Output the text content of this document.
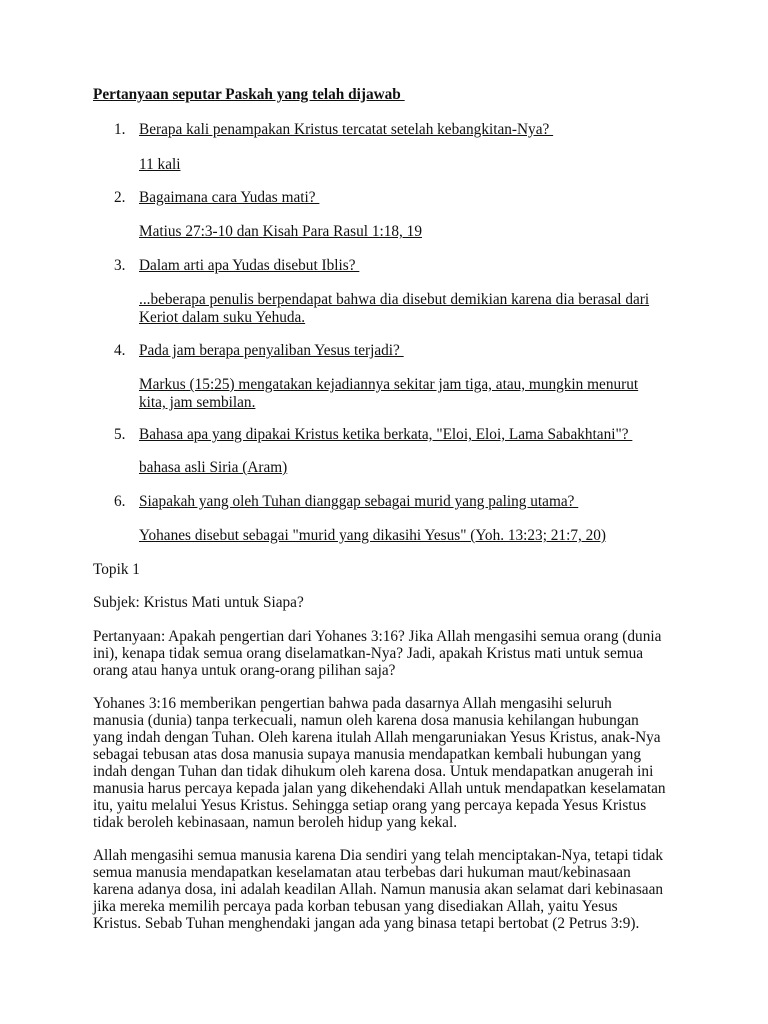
Pertanyaan seputar Paskah yang telah dijawab
1. Berapa kali penampakan Kristus tercatat setelah kebangkitan-Nya?
11 kali
2. Bagaimana cara Yudas mati?
Matius 27:3-10 dan Kisah Para Rasul 1:18, 19
3. Dalam arti apa Yudas disebut Iblis?
...beberapa penulis berpendapat bahwa dia disebut demikian karena dia berasal dari
Keriot dalam suku Yehuda.
4. Pada jam berapa penyaliban Yesus terjadi?
Markus (15:25) mengatakan kejadiannya sekitar jam tiga, atau, mungkin menurut
kita, jam sembilan.
5. Bahasa apa yang dipakai Kristus ketika berkata, "Eloi, Eloi, Lama Sabakhtani"?
bahasa asli Siria (Aram)
6. Siapakah yang oleh Tuhan dianggap sebagai murid yang paling utama?
Yohanes disebut sebagai "murid yang dikasihi Yesus" (Yoh. 13:23; 21:7, 20)
Topik 1
Subjek: Kristus Mati untuk Siapa?
Pertanyaan: Apakah pengertian dari Yohanes 3:16? Jika Allah mengasihi semua orang (dunia
ini), kenapa tidak semua orang diselamatkan-Nya? Jadi, apakah Kristus mati untuk semua
orang atau hanya untuk orang-orang pilihan saja?
Yohanes 3:16 memberikan pengertian bahwa pada dasarnya Allah mengasihi seluruh
manusia (dunia) tanpa terkecuali, namun oleh karena dosa manusia kehilangan hubungan
yang indah dengan Tuhan. Oleh karena itulah Allah mengaruniakan Yesus Kristus, anak-Nya
sebagai tebusan atas dosa manusia supaya manusia mendapatkan kembali hubungan yang
indah dengan Tuhan dan tidak dihukum oleh karena dosa. Untuk mendapatkan anugerah ini
manusia harus percaya kepada jalan yang dikehendaki Allah untuk mendapatkan keselamatan
itu, yaitu melalui Yesus Kristus. Sehingga setiap orang yang percaya kepada Yesus Kristus
tidak beroleh kebinasaan, namun beroleh hidup yang kekal.
Allah mengasihi semua manusia karena Dia sendiri yang telah menciptakan-Nya, tetapi tidak
semua manusia mendapatkan keselamatan atau terbebas dari hukuman maut/kebinasaan
karena adanya dosa, ini adalah keadilan Allah. Namun manusia akan selamat dari kebinasaan
jika mereka memilih percaya pada korban tebusan yang disediakan Allah, yaitu Yesus
Kristus. Sebab Tuhan menghendaki jangan ada yang binasa tetapi bertobat (2 Petrus 3:9).
